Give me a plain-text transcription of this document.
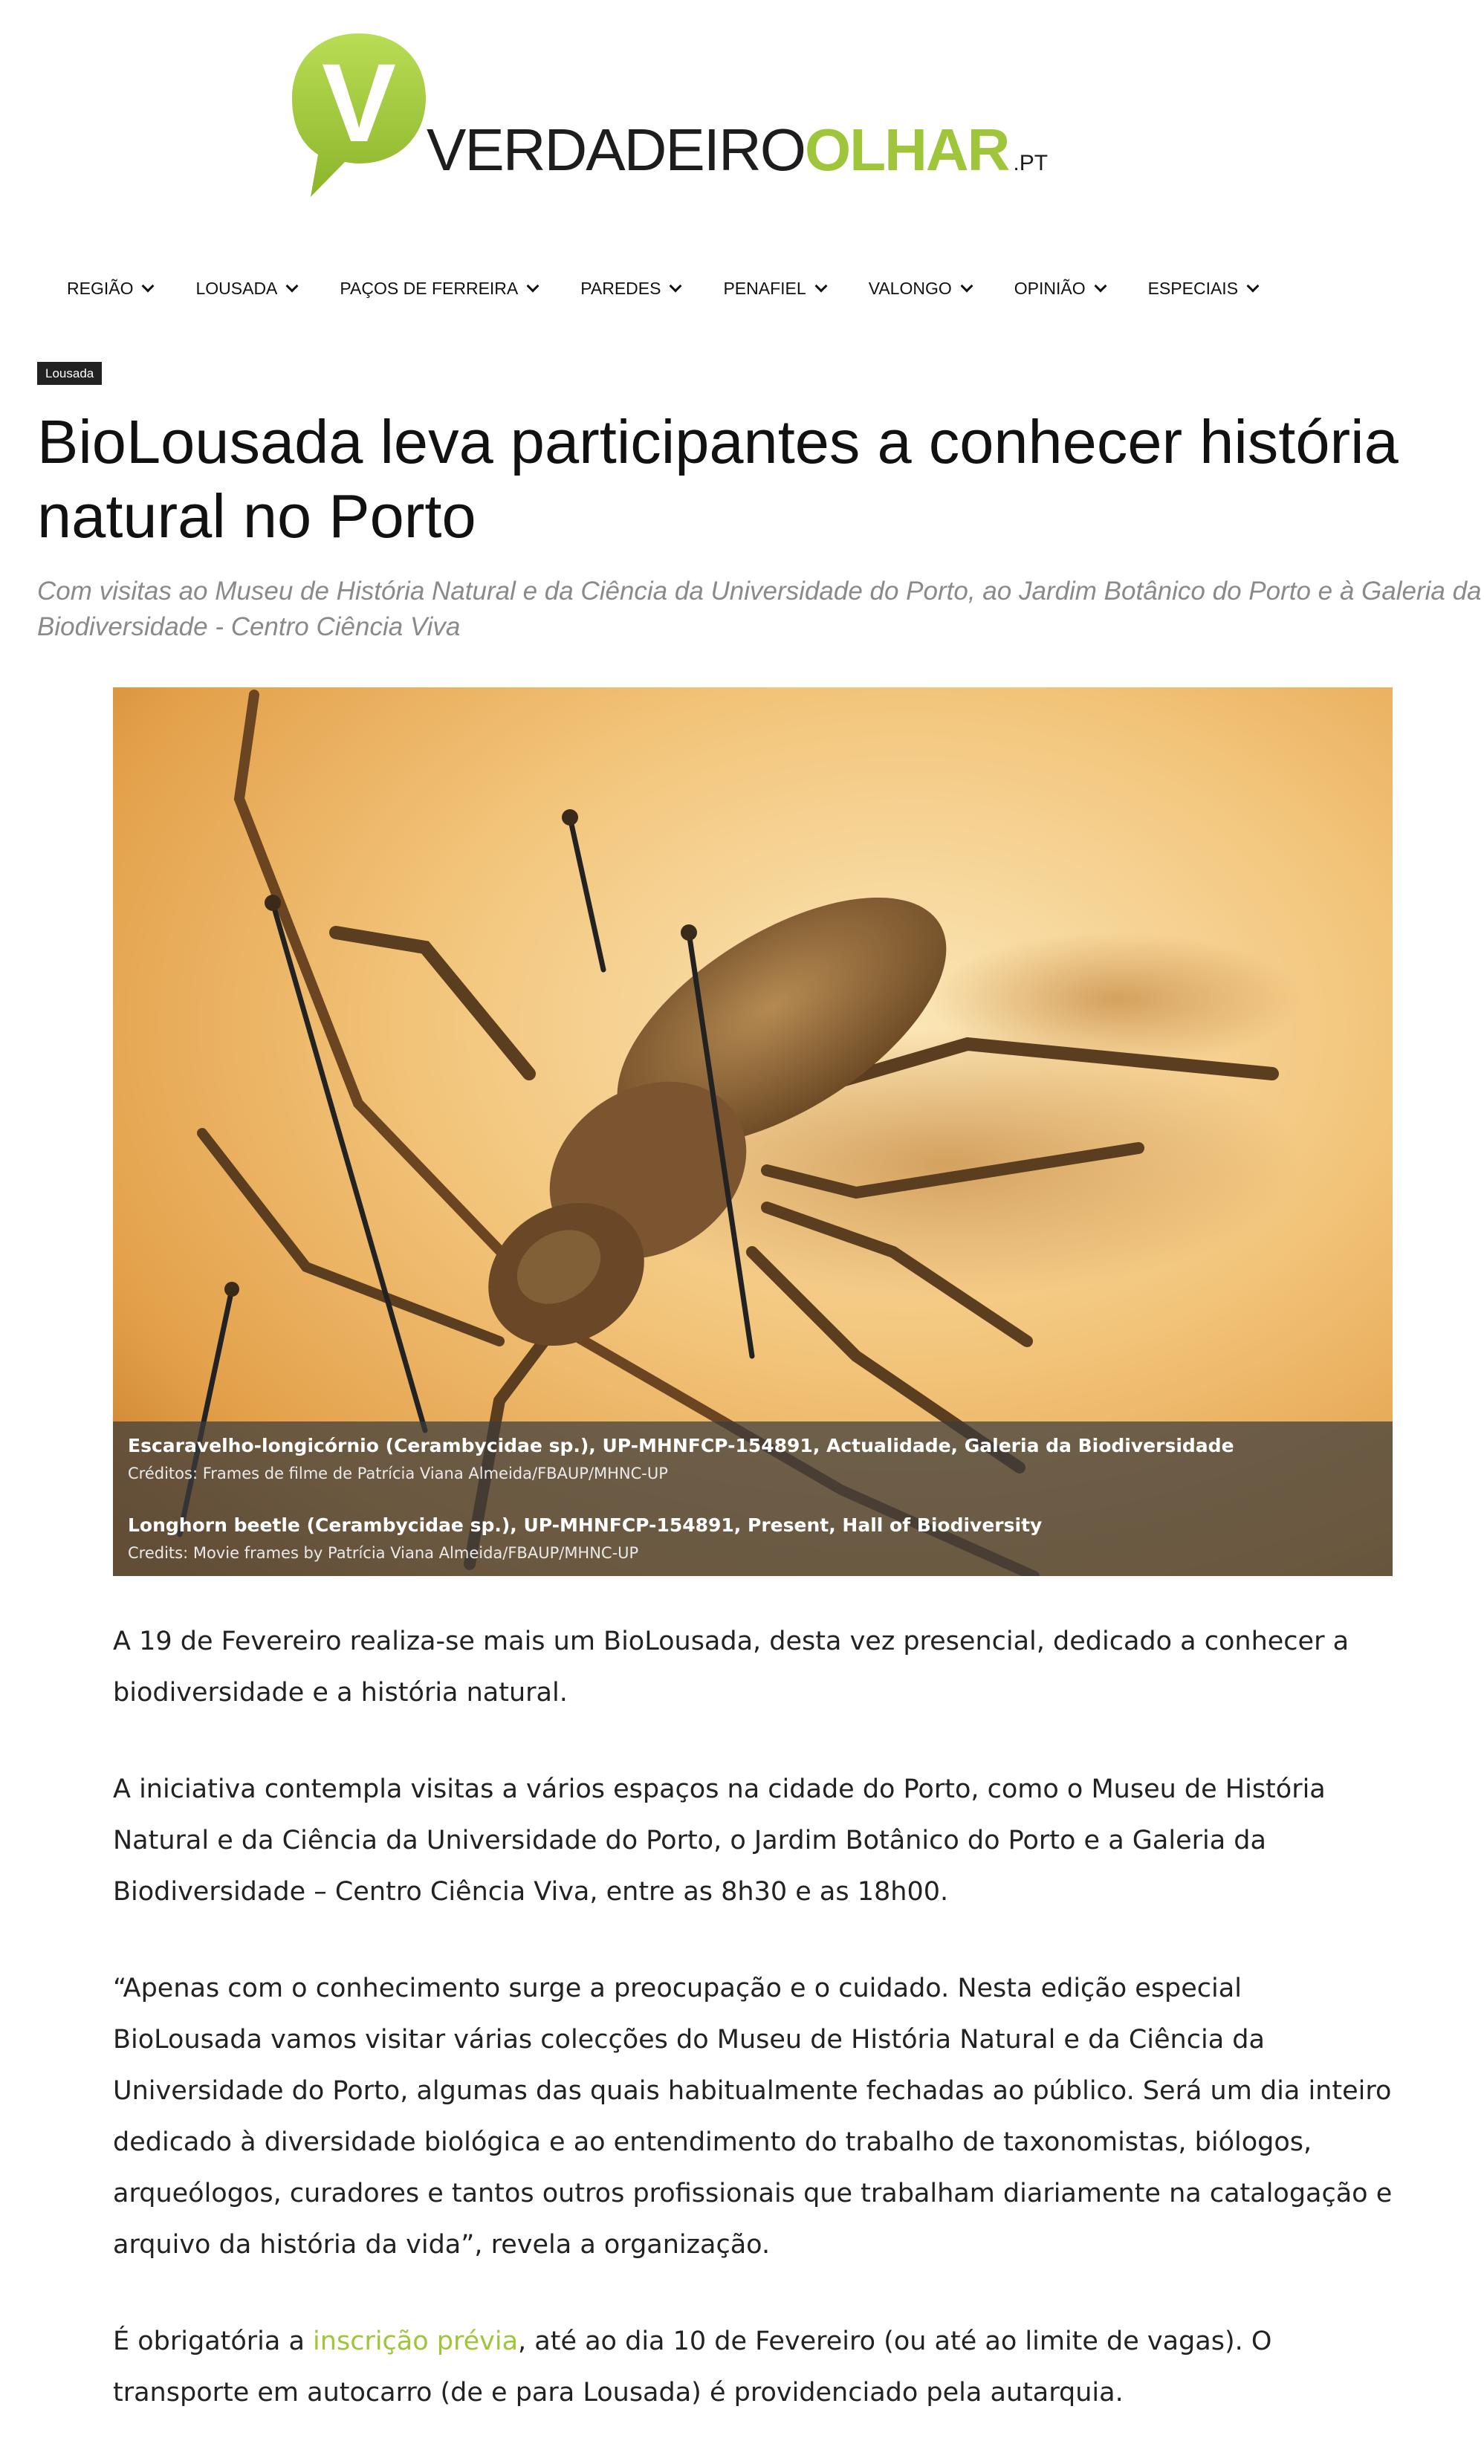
V VERDADEIROOLHAR .PT
REGIÃO	LOUSADA	PAÇOS DE FERREIRA	PAREDES	PENAFIEL	VALONGO	OPINIÃO	ESPECIAIS
Lousada
BioLousada leva participantes a conhecer história natural no Porto
Com visitas ao Museu de História Natural e da Ciência da Universidade do Porto, ao Jardim Botânico do Porto e à Galeria da Biodiversidade - Centro Ciência Viva
Escaravelho-longicórnio (Cerambycidae sp.), UP-MHNFCP-154891, Actualidade, Galeria da Biodiversidade
Créditos: Frames de filme de Patrícia Viana Almeida/FBAUP/MHNC-UP
Longhorn beetle (Cerambycidae sp.), UP-MHNFCP-154891, Present, Hall of Biodiversity
Credits: Movie frames by Patrícia Viana Almeida/FBAUP/MHNC-UP

A 19 de Fevereiro realiza-se mais um BioLousada, desta vez presencial, dedicado a conhecer a biodiversidade e a história natural.

A iniciativa contempla visitas a vários espaços na cidade do Porto, como o Museu de História Natural e da Ciência da Universidade do Porto, o Jardim Botânico do Porto e a Galeria da Biodiversidade – Centro Ciência Viva, entre as 8h30 e as 18h00.

“Apenas com o conhecimento surge a preocupação e o cuidado. Nesta edição especial BioLousada vamos visitar várias colecções do Museu de História Natural e da Ciência da Universidade do Porto, algumas das quais habitualmente fechadas ao público. Será um dia inteiro dedicado à diversidade biológica e ao entendimento do trabalho de taxonomistas, biólogos, arqueólogos, curadores e tantos outros profissionais que trabalham diariamente na catalogação e arquivo da história da vida”, revela a organização.

É obrigatória a inscrição prévia, até ao dia 10 de Fevereiro (ou até ao limite de vagas). O transporte em autocarro (de e para Lousada) é providenciado pela autarquia.
